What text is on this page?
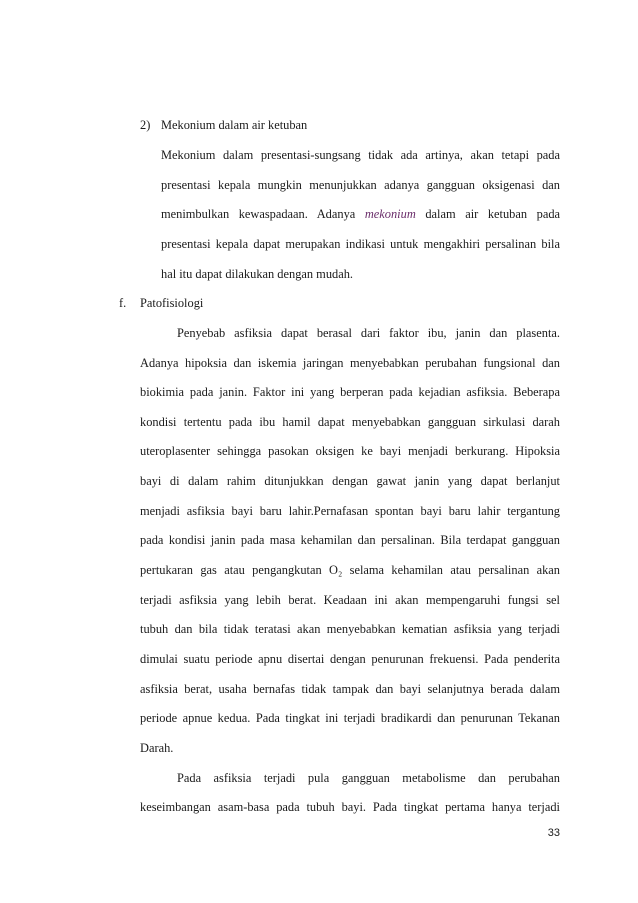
2) Mekonium dalam air ketuban
Mekonium dalam presentasi-sungsang tidak ada artinya, akan tetapi pada
presentasi kepala mungkin menunjukkan adanya gangguan oksigenasi dan
menimbulkan kewaspadaan. Adanya mekonium dalam air ketuban pada
presentasi kepala dapat merupakan indikasi untuk mengakhiri persalinan bila
hal itu dapat dilakukan dengan mudah.
f. Patofisiologi
Penyebab asfiksia dapat berasal dari faktor ibu, janin dan plasenta.
Adanya hipoksia dan iskemia jaringan menyebabkan perubahan fungsional dan
biokimia pada janin. Faktor ini yang berperan pada kejadian asfiksia. Beberapa
kondisi tertentu pada ibu hamil dapat menyebabkan gangguan sirkulasi darah
uteroplasenter sehingga pasokan oksigen ke bayi menjadi berkurang. Hipoksia
bayi di dalam rahim ditunjukkan dengan gawat janin yang dapat berlanjut
menjadi asfiksia bayi baru lahir.Pernafasan spontan bayi baru lahir tergantung
pada kondisi janin pada masa kehamilan dan persalinan. Bila terdapat gangguan
pertukaran gas atau pengangkutan O₂ selama kehamilan atau persalinan akan
terjadi asfiksia yang lebih berat. Keadaan ini akan mempengaruhi fungsi sel
tubuh dan bila tidak teratasi akan menyebabkan kematian asfiksia yang terjadi
dimulai suatu periode apnu disertai dengan penurunan frekuensi. Pada penderita
asfiksia berat, usaha bernafas tidak tampak dan bayi selanjutnya berada dalam
periode apnue kedua. Pada tingkat ini terjadi bradikardi dan penurunan Tekanan
Darah.
Pada asfiksia terjadi pula gangguan metabolisme dan perubahan
keseimbangan asam-basa pada tubuh bayi. Pada tingkat pertama hanya terjadi
33
